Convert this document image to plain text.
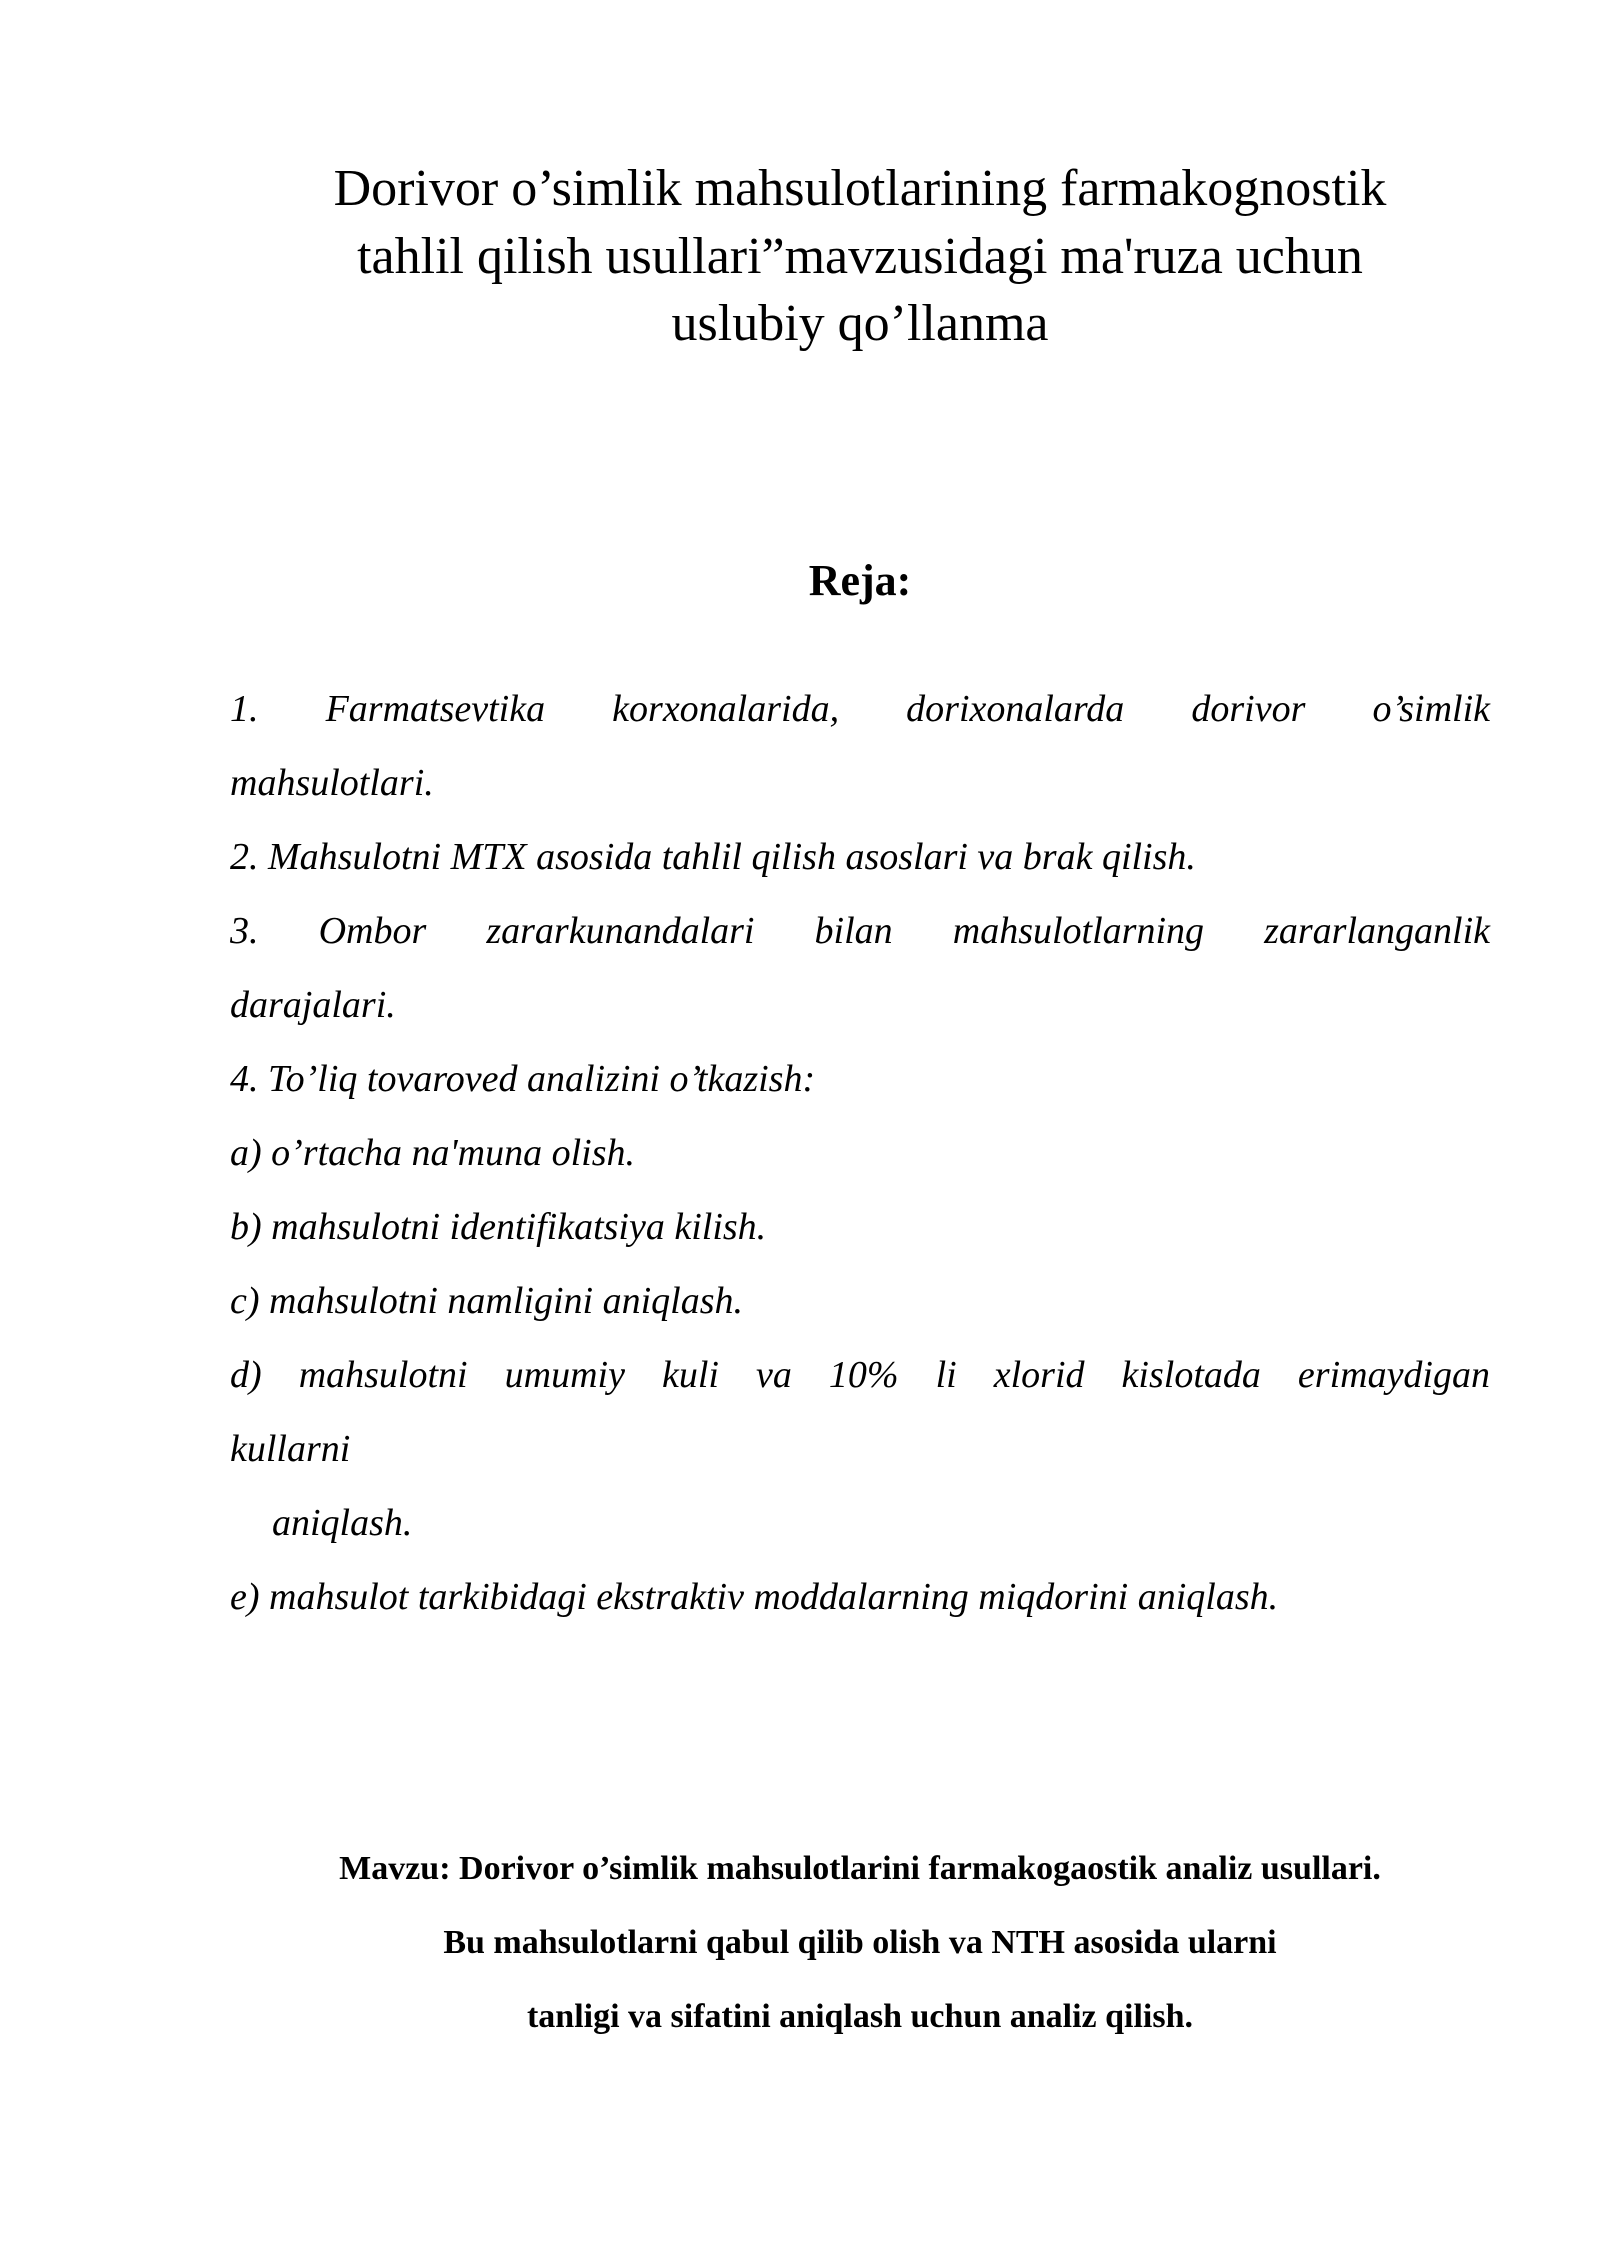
Dorivor o’simlik mahsulotlarining farmakognostik
tahlil qilish usullari”mavzusidagi ma'ruza uchun
uslubiy qo’llanma
Reja:
1. Farmatsevtika korxonalarida, dorixonalarda dorivor o’simlik
mahsulotlari.
2. Mahsulotni MTX asosida tahlil qilish asoslari va brak qilish.
3. Ombor zararkunandalari bilan mahsulotlarning zararlanganlik
darajalari.
4. To’liq tovaroved analizini o’tkazish:
a) o’rtacha na'muna olish.
b) mahsulotni identifikatsiya kilish.
c) mahsulotni namligini aniqlash.
d) mahsulotni umumiy kuli va 10% li xlorid kislotada erimaydigan
kullarni
aniqlash.
e) mahsulot tarkibidagi ekstraktiv moddalarning miqdorini aniqlash.

Mavzu: Dorivor o’simlik mahsulotlarini farmakogaostik analiz usullari.
Bu mahsulotlarni qabul qilib olish va NTH asosida ularni
tanligi va sifatini aniqlash uchun analiz qilish.
